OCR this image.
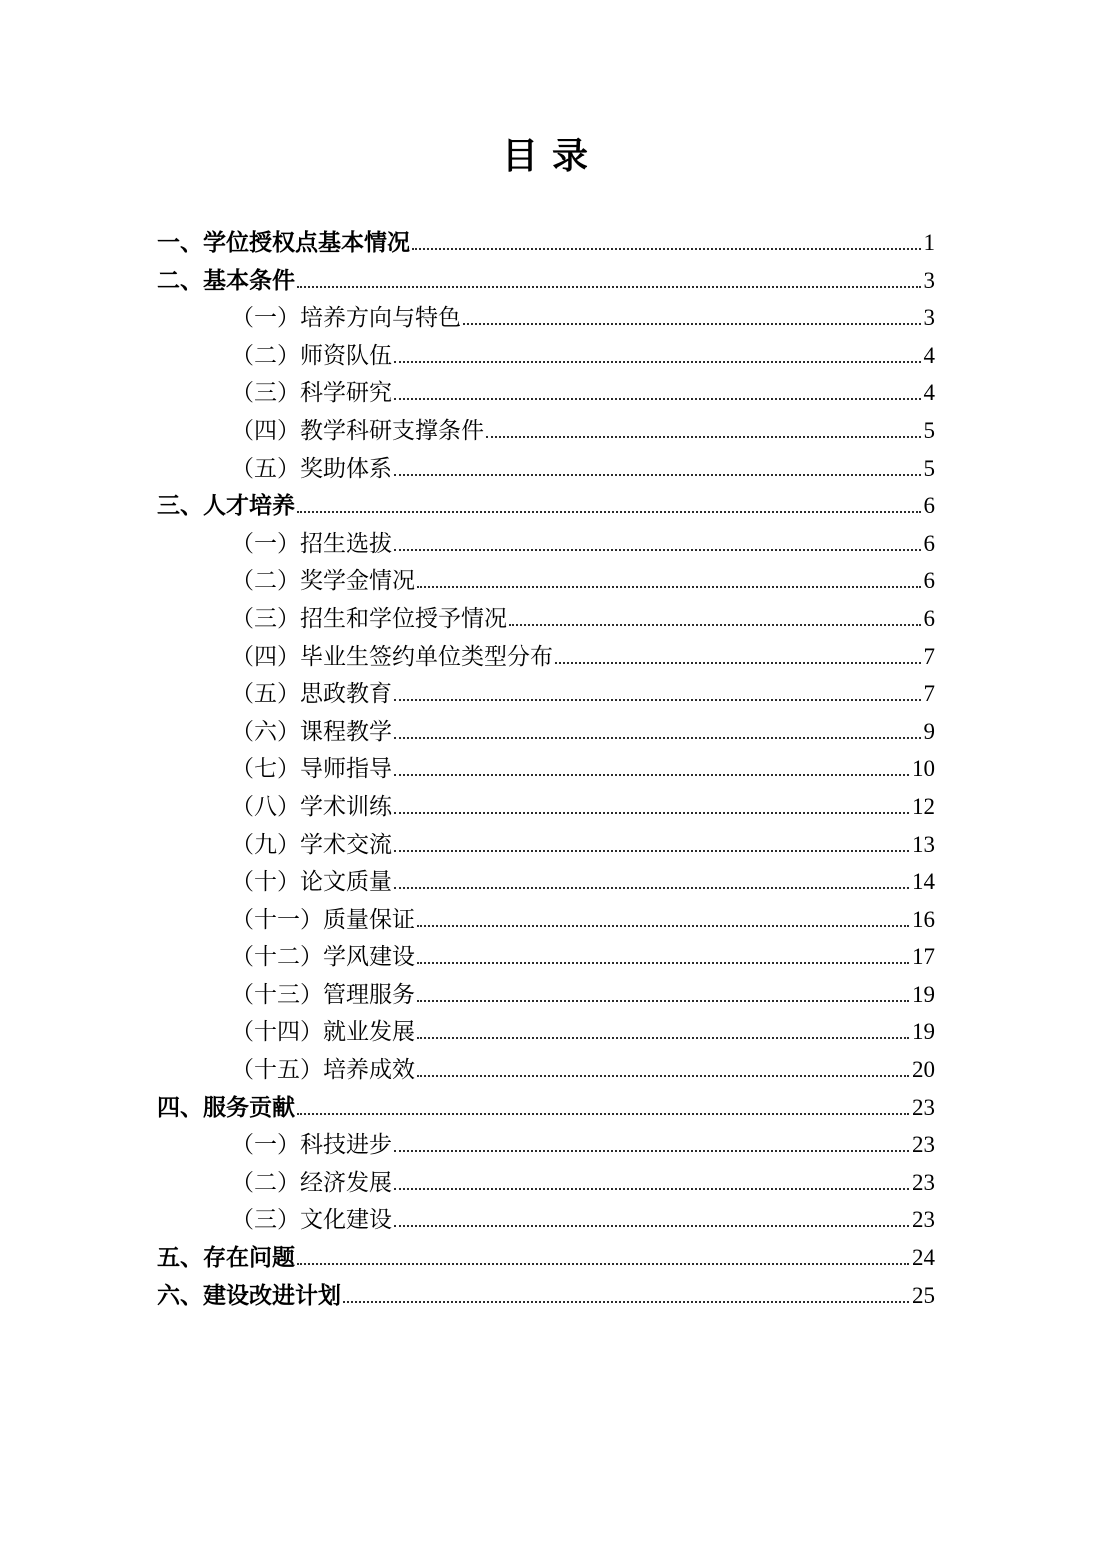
目 录
一、学位授权点基本情况	1
二、基本条件	3
（一）培养方向与特色	3
（二）师资队伍	4
（三）科学研究	4
（四）教学科研支撑条件	5
（五）奖助体系	5
三、人才培养	6
（一）招生选拔	6
（二）奖学金情况	6
（三）招生和学位授予情况	6
（四）毕业生签约单位类型分布	7
（五）思政教育	7
（六）课程教学	9
（七）导师指导	10
（八）学术训练	12
（九）学术交流	13
（十）论文质量	14
（十一）质量保证	16
（十二）学风建设	17
（十三）管理服务	19
（十四）就业发展	19
（十五）培养成效	20
四、服务贡献	23
（一）科技进步	23
（二）经济发展	23
（三）文化建设	23
五、存在问题	24
六、建设改进计划	25
